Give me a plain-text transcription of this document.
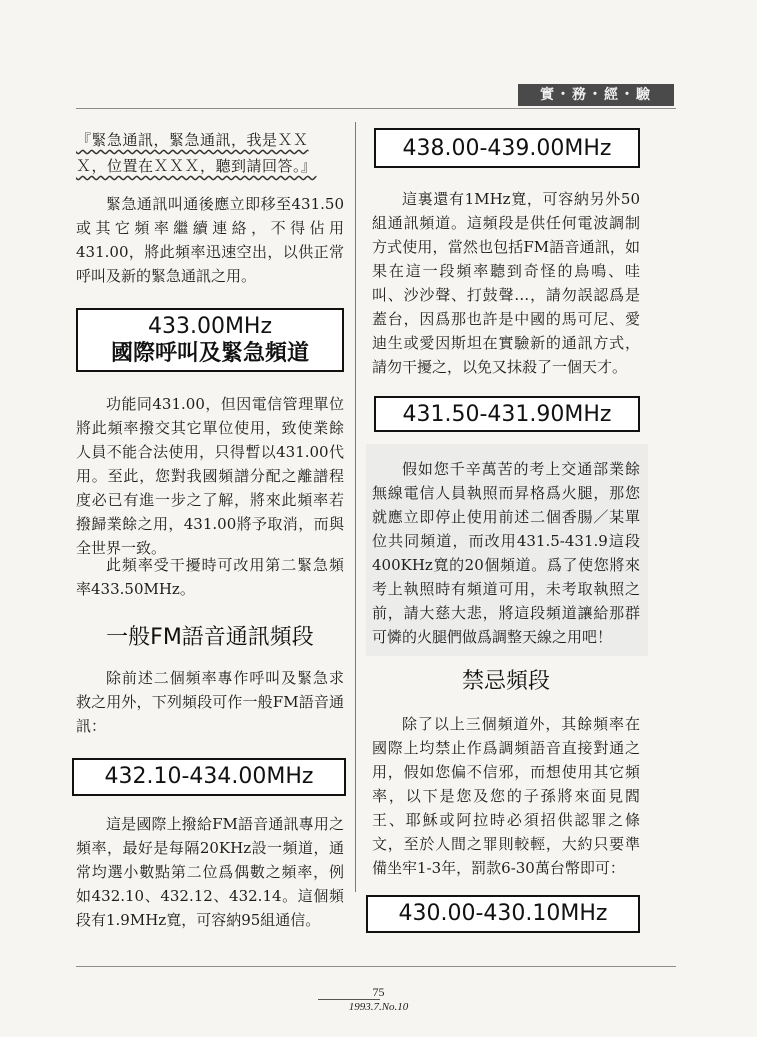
實・務・經・驗
『緊急通訊，緊急通訊，我是ＸＸ
Ｘ，位置在ＸＸＸ，聽到請回答。』

緊急通訊叫通後應立即移至431.50或其它頻率繼續連絡，不得佔用431.00，將此頻率迅速空出，以供正常呼叫及新的緊急通訊之用。

433.00MHz
國際呼叫及緊急頻道

功能同431.00，但因電信管理單位將此頻率撥交其它單位使用，致使業餘人員不能合法使用，只得暫以431.00代用。至此，您對我國頻譜分配之離譜程度必已有進一步之了解，將來此頻率若撥歸業餘之用，431.00將予取消，而與全世界一致。

此頻率受干擾時可改用第二緊急頻率433.50MHz。

一般FM語音通訊頻段

除前述二個頻率專作呼叫及緊急求救之用外，下列頻段可作一般FM語音通訊：

432.10-434.00MHz

這是國際上撥給FM語音通訊專用之頻率，最好是每隔20KHz設一頻道，通常均選小數點第二位爲偶數之頻率，例如432.10、432.12、432.14。這個頻段有1.9MHz寬，可容納95組通信。

438.00-439.00MHz

這裏還有1MHz寬，可容納另外50組通訊頻道。這頻段是供任何電波調制方式使用，當然也包括FM語音通訊，如果在這一段頻率聽到奇怪的鳥鳴、哇叫、沙沙聲、打鼓聲…，請勿誤認爲是蓋台，因爲那也許是中國的馬可尼、愛迪生或愛因斯坦在實驗新的通訊方式，請勿干擾之，以免又抹殺了一個天才。

431.50-431.90MHz

假如您千辛萬苦的考上交通部業餘無線電信人員執照而昇格爲火腿，那您就應立即停止使用前述二個香腸／某單位共同頻道，而改用431.5-431.9這段400KHz寬的20個頻道。爲了使您將來考上執照時有頻道可用，未考取執照之前，請大慈大悲，將這段頻道讓給那群可憐的火腿們做爲調整天線之用吧！

禁忌頻段

除了以上三個頻道外，其餘頻率在國際上均禁止作爲調頻語音直接對通之用，假如您偏不信邪，而想使用其它頻率，以下是您及您的子孫將來面見閻王、耶穌或阿拉時必須招供認罪之條文，至於人間之罪則較輕，大約只要準備坐牢1-3年，罰款6-30萬台幣即可：

430.00-430.10MHz
75
1993.7.No.10
